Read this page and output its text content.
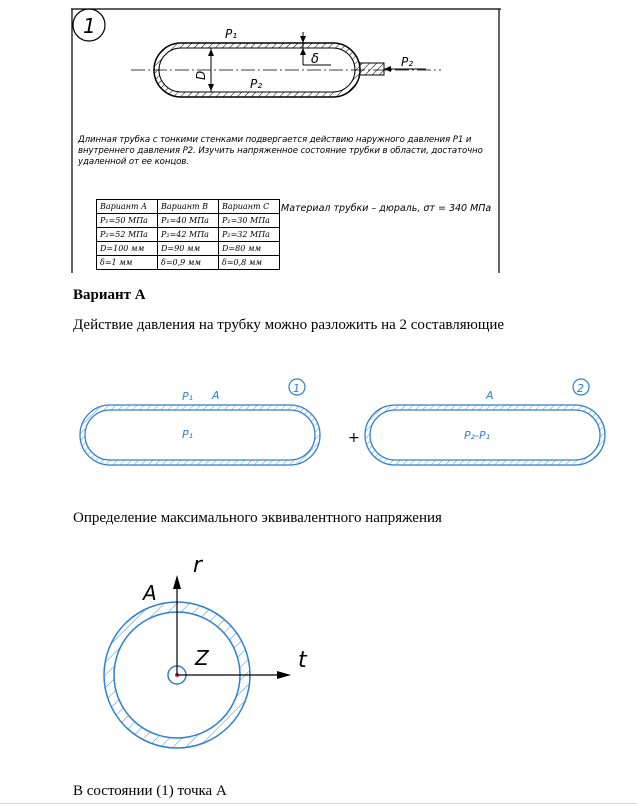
1
D
δ
P₁
P₂
P₂
Длинная трубка с тонкими стенками подвергается действию наружного давления P1 и внутреннего давления P2. Изучить напряженное состояние трубки в области, достаточно удаленной от ее концов.
Вариант A	Вариант B	Вариант C
P₁=50 МПа	P₁=40 МПа	P₁=30 МПа
P₂=52 МПа	P₂=42 МПа	P₂=32 МПа
D=100 мм	D=90 мм	D=80 мм
δ=1 мм	δ=0,9 мм	δ=0,8 мм
Материал трубки – дюраль, σт = 340 МПа
Вариант А
Действие давления на трубку можно разложить на 2 составляющие
1
P₁ A
P₁	+
2
A
P₂-P₁
Определение максимального эквивалентного напряжения
A
r
t
Z
В состоянии (1) точка А
